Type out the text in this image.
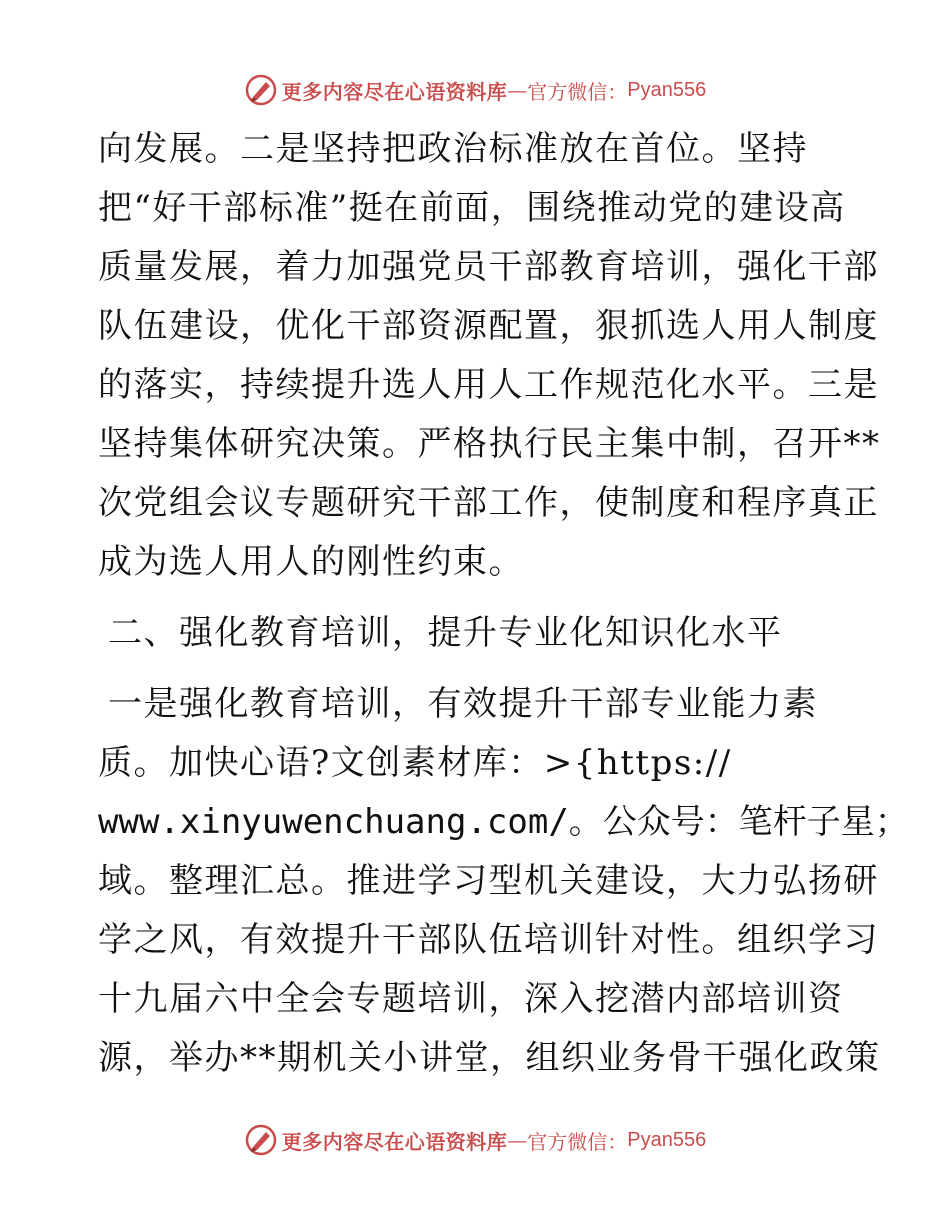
更多内容尽在心语资料库 — 官方微信： Pyan556
向发展。二是坚持把政治标准放在首位。坚持
把“好干部标准”挺在前面，围绕推动党的建设高
质量发展，着力加强党员干部教育培训，强化干部
队伍建设，优化干部资源配置，狠抓选人用人制度
的落实，持续提升选人用人工作规范化水平。三是
坚持集体研究决策。严格执行民主集中制，召开**
次党组会议专题研究干部工作，使制度和程序真正
成为选人用人的刚性约束。
二、强化教育培训，提升专业化知识化水平
一是强化教育培训，有效提升干部专业能力素
质。加快心语?文创素材库：>{https://
www.xinyuwenchuang.com/。公众号：笔杆子星；
域。整理汇总。推进学习型机关建设，大力弘扬研
学之风，有效提升干部队伍培训针对性。组织学习
十九届六中全会专题培训，深入挖潜内部培训资
源，举办**期机关小讲堂，组织业务骨干强化政策
更多内容尽在心语资料库 — 官方微信： Pyan556
